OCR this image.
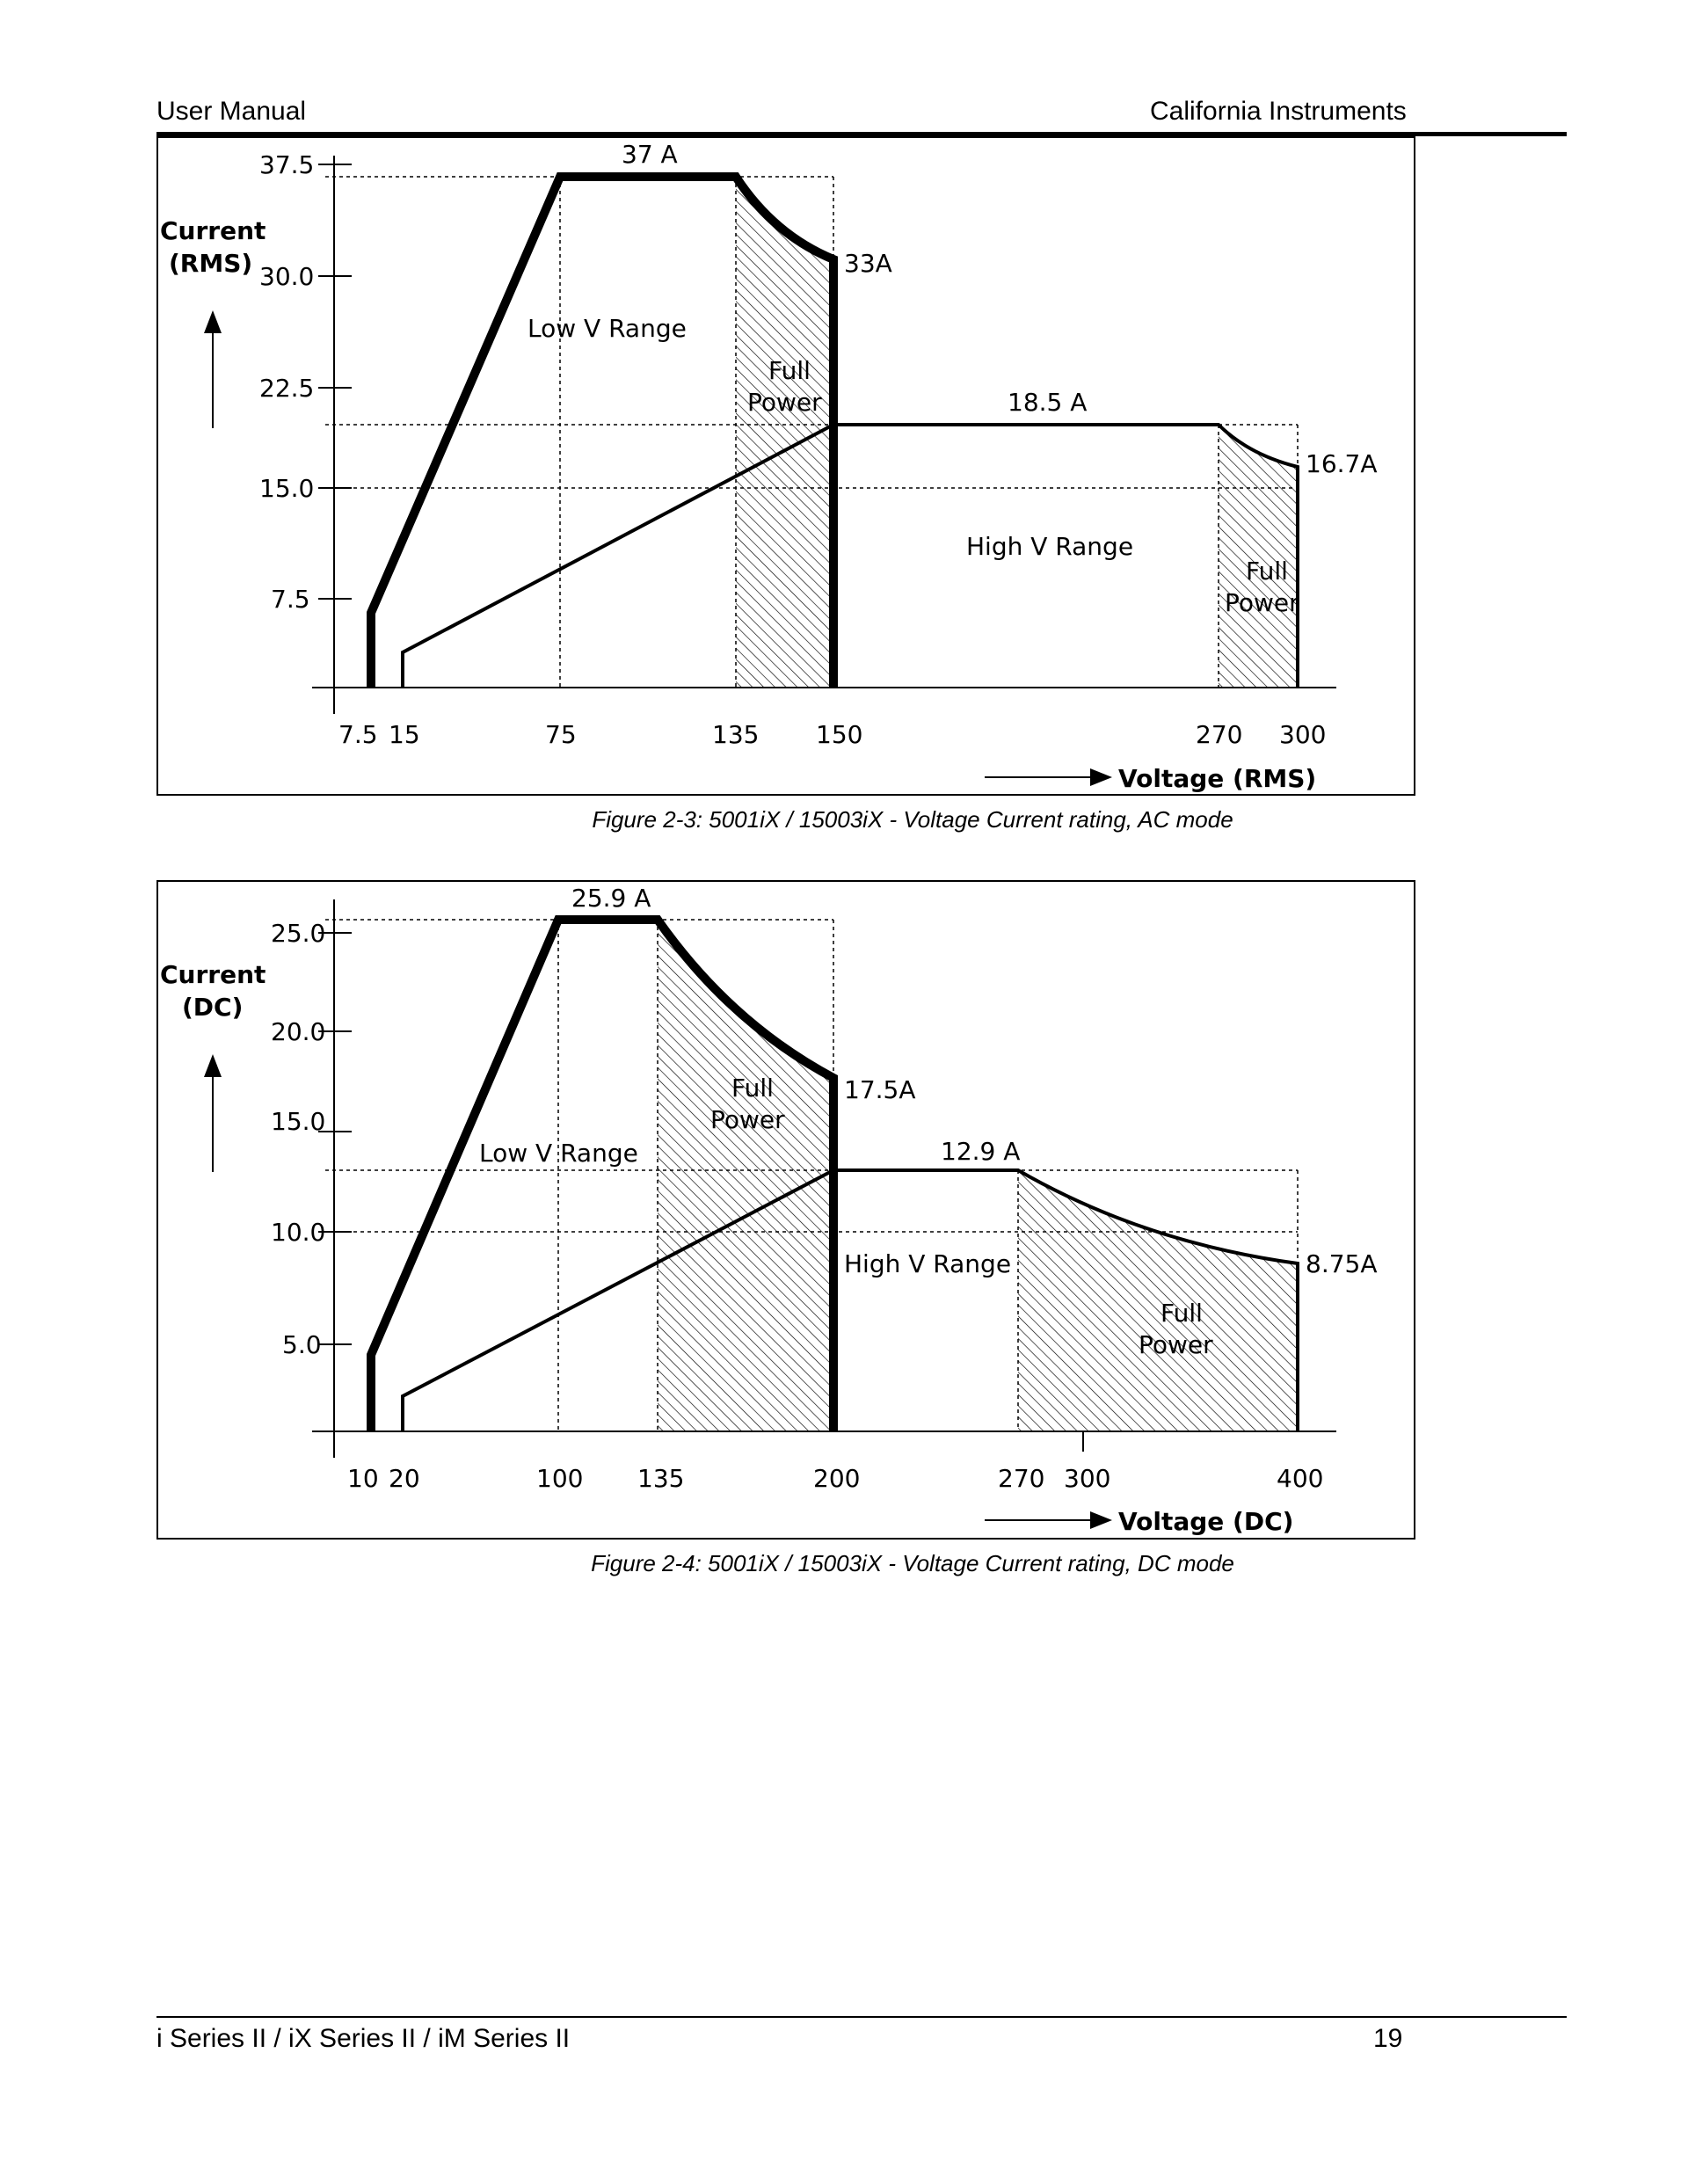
User Manual	California Instruments
37.5
30.0
22.5
15.0
7.5
7.5 15	75	135 150	270 300
Current
(RMS)
Voltage (RMS)
37 A
33A
18.5 A
16.7A
Low V Range
High V Range
Full
Power
Full
Power
Figure 2-3: 5001iX / 15003iX - Voltage Current rating, AC mode
25.0
20.0
15.0
10.0
5.0
10 20	100 135	200	270 300	400
Current
(DC)
Voltage (DC)
25.9 A
17.5A
12.9 A
8.75A
Low V Range
High V Range
Full
Power
Full
Power
Figure 2-4: 5001iX / 15003iX - Voltage Current rating, DC mode
i Series II / iX Series II / iM Series II	19
